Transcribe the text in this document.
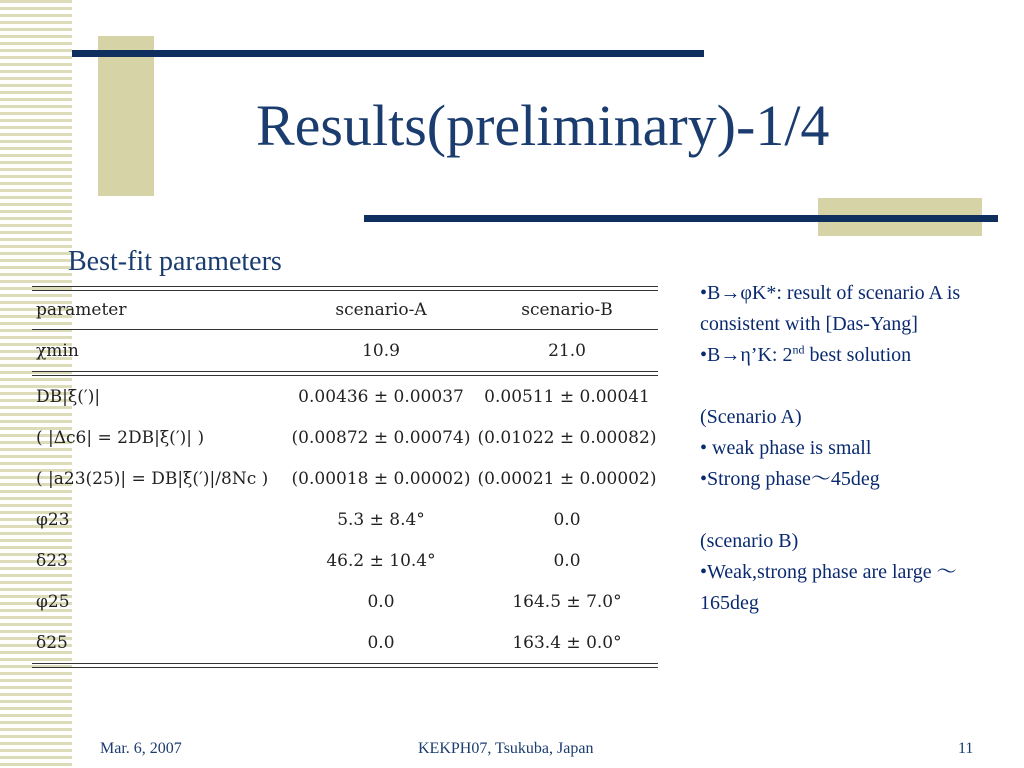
Results(preliminary)-1/4
Best-fit parameters
parameter	scenario-A	scenario-B
χmin	10.9	21.0
DB|ξ(′)|	0.00436 ± 0.00037	0.00511 ± 0.00041
( |Δc6| = 2DB|ξ(′)| )	(0.00872 ± 0.00074)	(0.01022 ± 0.00082)
( |a23(25)| = DB|ξ(′)|/8Nc )	(0.00018 ± 0.00002)	(0.00021 ± 0.00002)
φ23	5.3 ± 8.4°	0.0
δ23	46.2 ± 10.4°	0.0
φ25	0.0	164.5 ± 7.0°
δ25	0.0	163.4 ± 0.0°
•B→φK*: result of scenario A is consistent with [Das-Yang]
•B→η’K: 2nd best solution
(Scenario A)
• weak phase is small
•Strong phase～45deg
(scenario B)
•Weak,strong phase are large ～165deg
Mar. 6, 2007	KEKPH07, Tsukuba, Japan	11
